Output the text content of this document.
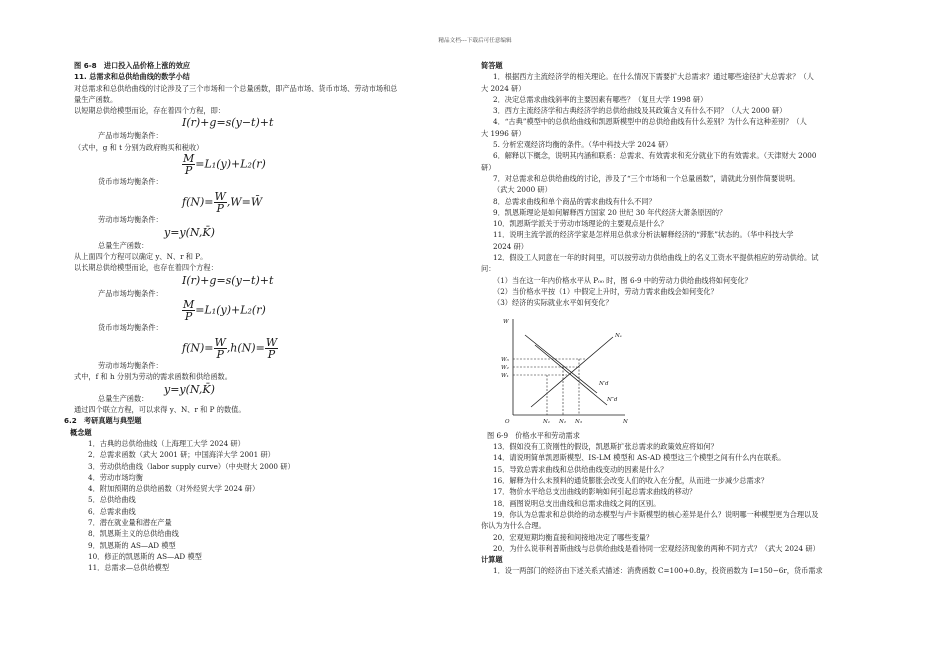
精品文档---下载后可任意编辑
图 6-8　进口投入品价格上涨的效应
11. 总需求和总供给曲线的数学小结
对总需求和总供给曲线的讨论涉及了三个市场和一个总量函数，即产品市场、货币市场、劳动市场和总
量生产函数。
以短期总供给模型而论，存在着四个方程，即：
I(r)+g=s(y−t)+t
产品市场均衡条件：
（式中，g 和 t 分别为政府购买和税收）
$\frac{M}{P} =L_1(y)+L_2(r)$
货币市场均衡条件：
$f(N)= \frac{W}{P}$ ,W=W̄
劳动市场均衡条件：
y=y(N,K̄)
总量生产函数：
从上面四个方程可以确定 y、N、r 和 P。
以长期总供给模型而论，也存在着四个方程：
I(r)+g=s(y−t)+t
产品市场均衡条件：
$\frac{M}{P} =L_1(y)+L_2(r)$
货币市场均衡条件：
$f(N)= \frac{W}{P} ,h(N)= \frac{W}{P}$
劳动市场均衡条件：
式中，f 和 h 分别为劳动的需求函数和供给函数。
y=y(N,K̄)
总量生产函数：
通过四个联立方程，可以求得 y、N、r 和 P 的数值。
6.2　考研真题与典型题
概念题
1．古典的总供给曲线（上海理工大学 2024 研）
2．总需求函数（武大 2001 研；中国海洋大学 2001 研）
3．劳动供给曲线（labor supply curve）（中央财大 2000 研）
4．劳动市场均衡
4．附加预期的总供给函数（对外经贸大学 2024 研）
5．总供给曲线
6．总需求曲线
7．潜在就业量和潜在产量
8．凯恩斯主义的总供给曲线
9．凯恩斯的 AS—AD 模型
10．修正的凯恩斯的 AS—AD 模型
11．总需求—总供给模型
简答题
1．根据西方主流经济学的相关理论。在什么情况下需要扩大总需求？通过哪些途径扩大总需求？（人
大 2024 研）
2．决定总需求曲线斜率的主要因素有哪些？（复旦大学 1998 研）
3．西方主流经济学和古典经济学的总供给曲线及其政策含义有什么不同？（人大 2000 研）
4．“古典”模型中的总供给曲线和凯恩斯模型中的总供给曲线有什么差别？为什么有这种差别？（人
大 1996 研）
5. 分析宏观经济均衡的条件。（华中科技大学 2024 研）
6．解释以下概念，说明其内涵和联系：总需求、有效需求和充分就业下的有效需求。（天津财大 2000
研）
7．对总需求和总供给曲线的讨论，涉及了“三个市场和一个总量函数”，请就此分别作简要说明。
（武大 2000 研）
8．总需求曲线和单个商品的需求曲线有什么不同？
9．凯恩斯理论是如何解释西方国家 20 世纪 30 年代经济大萧条原因的？
10．凯恩斯学派关于劳动市场理论的主要观点是什么？
11．说明主流学派的经济学家是怎样用总供求分析法解释经济的“滞胀”状态的。（华中科技大学
2024 研）
12．假设工人同意在一年的时间里，可以按劳动力供给曲线上的名义工资水平提供相应的劳动供给。试
问：
（1）当在这一年内价格水平从 P₀₀ 时，图 6-9 中的劳动力供给曲线将如何变化？
（2）当价格水平按（1）中假定上升时，劳动力需求曲线会如何变化？
（3）经济的实际就业水平如何变化？
W₃
W₂
W₁
W
N₁ N₂ N₃	N
O
Nₛ
N′d
N″d
图 6-9　价格水平和劳动需求
13．假如没有工资刚性的假设，凯恩斯扩张总需求的政策效应将如何？
14．请说明简单凯恩斯模型、IS-LM 模型和 AS-AD 模型这三个模型之间有什么内在联系。
15．导致总需求曲线和总供给曲线变动的因素是什么？
16．解释为什么未预料的通货膨胀会改变人们的收入在分配，从而进一步减少总需求？
17．物价水平给总支出曲线的影响如何引起总需求曲线的移动？
18．画图说明总支出曲线和总需求曲线之间的区别。
19．你认为总需求和总供给的动态模型与卢卡斯模型的核心差异是什么？说明哪一种模型更为合理以及
你认为为什么合理。
20．宏观短期均衡直接和间接地决定了哪些变量？
20．为什么说菲利普斯曲线与总供给曲线是看待同一宏观经济现象的两种不同方式？（武大 2024 研）
计算题
1．设一两部门的经济由下述关系式描述：消费函数 C=100+0.8y，投资函数为 I=150−6r，货币需求
